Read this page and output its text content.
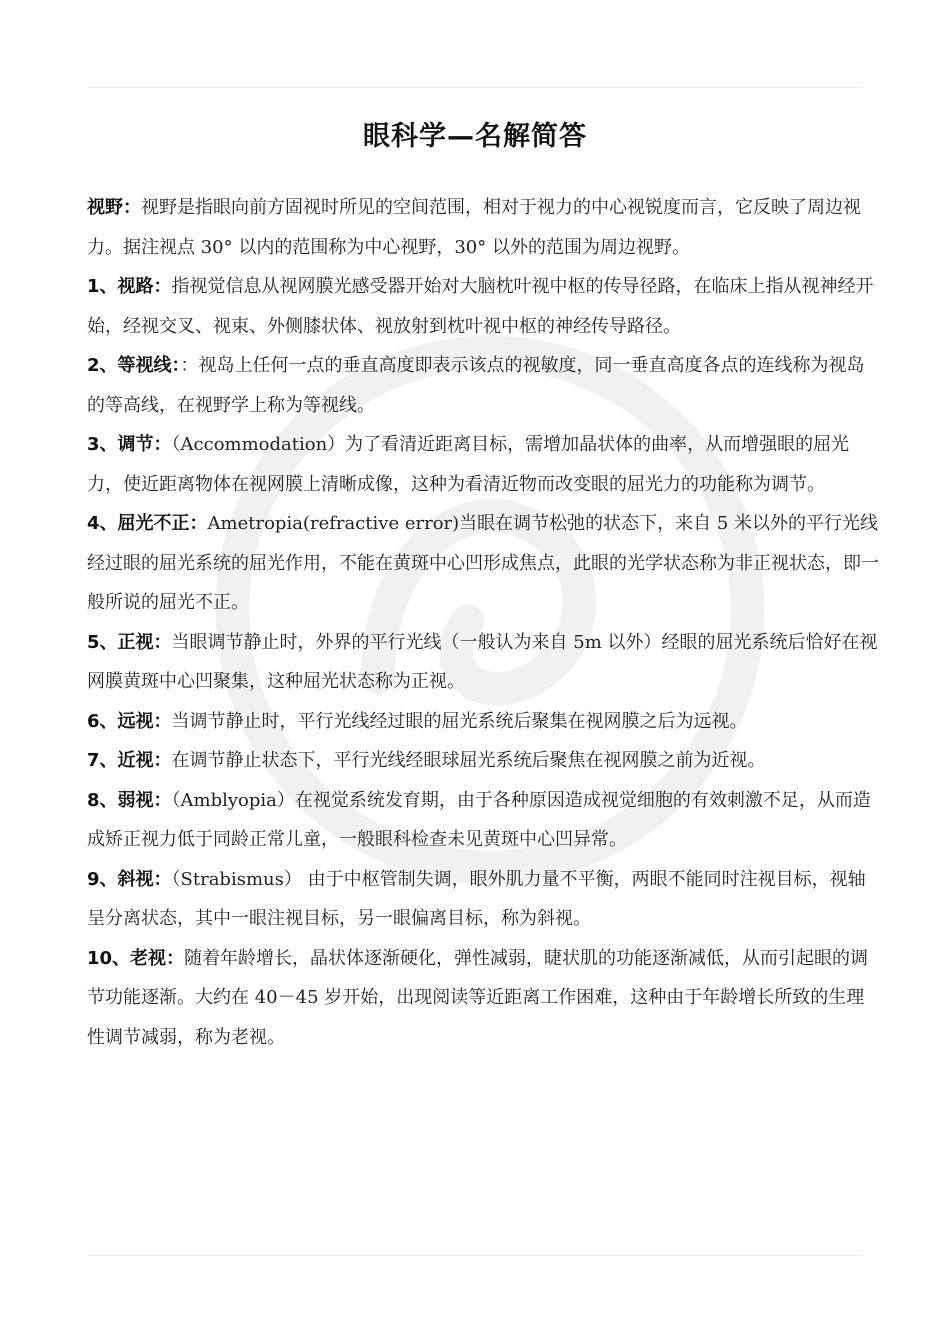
眼科学—名解简答

视野：视野是指眼向前方固视时所见的空间范围，相对于视力的中心视锐度而言，它反映了周边视力。据注视点 30° 以内的范围称为中心视野，30° 以外的范围为周边视野。

1、视路：指视觉信息从视网膜光感受器开始对大脑枕叶视中枢的传导径路，在临床上指从视神经开始，经视交叉、视束、外侧膝状体、视放射到枕叶视中枢的神经传导路径。

2、等视线：：视岛上任何一点的垂直高度即表示该点的视敏度，同一垂直高度各点的连线称为视岛的等高线，在视野学上称为等视线。

3、调节：（Accommodation）为了看清近距离目标，需增加晶状体的曲率，从而增强眼的屈光力，使近距离物体在视网膜上清晰成像，这种为看清近物而改变眼的屈光力的功能称为调节。

4、屈光不正：Ametropia(refractive error)当眼在调节松弛的状态下，来自 5 米以外的平行光线经过眼的屈光系统的屈光作用，不能在黄斑中心凹形成焦点，此眼的光学状态称为非正视状态，即一般所说的屈光不正。

5、正视：当眼调节静止时，外界的平行光线（一般认为来自 5m 以外）经眼的屈光系统后恰好在视网膜黄斑中心凹聚集，这种屈光状态称为正视。

6、远视：当调节静止时，平行光线经过眼的屈光系统后聚集在视网膜之后为远视。

7、近视：在调节静止状态下，平行光线经眼球屈光系统后聚焦在视网膜之前为近视。

8、弱视：（Amblyopia）在视觉系统发育期，由于各种原因造成视觉细胞的有效刺激不足，从而造成矫正视力低于同龄正常儿童，一般眼科检查未见黄斑中心凹异常。

9、斜视：（Strabismus） 由于中枢管制失调，眼外肌力量不平衡，两眼不能同时注视目标，视轴呈分离状态，其中一眼注视目标，另一眼偏离目标，称为斜视。

10、老视：随着年龄增长，晶状体逐渐硬化，弹性减弱，睫状肌的功能逐渐减低，从而引起眼的调节功能逐渐。大约在 40－45 岁开始，出现阅读等近距离工作困难，这种由于年龄增长所致的生理性调节减弱，称为老视。
